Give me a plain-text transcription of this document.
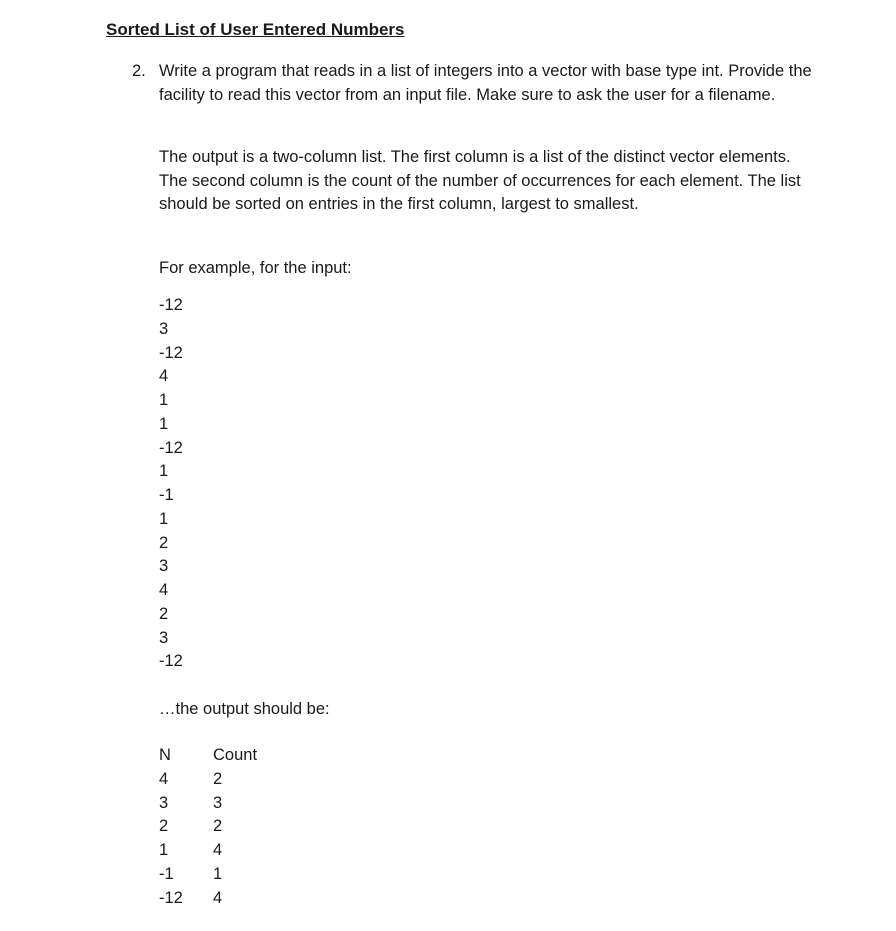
Sorted List of User Entered Numbers
2. Write a program that reads in a list of integers into a vector with base type int. Provide the facility to read this vector from an input file. Make sure to ask the user for a filename.
The output is a two-column list. The first column is a list of the distinct vector elements. The second column is the count of the number of occurrences for each element. The list should be sorted on entries in the first column, largest to smallest.
For example, for the input:
-12
3
-12
4
1
1
-12
1
-1
1
2
3
4
2
3
-12
…the output should be:
N	Count
4	2
3	3
2	2
1	4
-1 1
-12 4
